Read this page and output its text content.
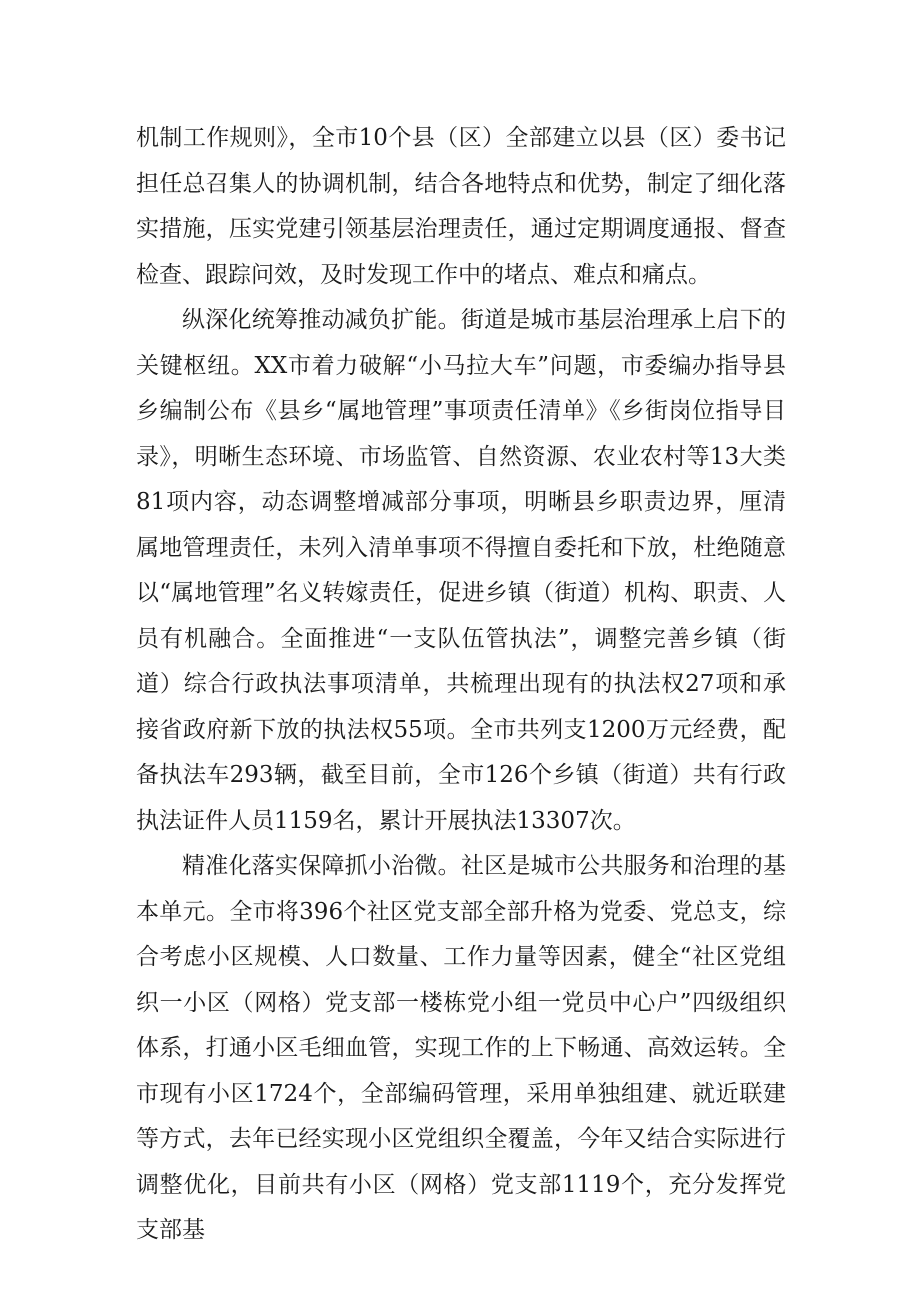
机制工作规则》，全市10个县（区）全部建立以县（区）委书记担任总召集人的协调机制，结合各地特点和优势，制定了细化落实措施，压实党建引领基层治理责任，通过定期调度通报、督查检查、跟踪问效，及时发现工作中的堵点、难点和痛点。

纵深化统筹推动减负扩能。街道是城市基层治理承上启下的关键枢纽。XX市着力破解“小马拉大车”问题，市委编办指导县乡编制公布《县乡“属地管理”事项责任清单》《乡街岗位指导目录》，明晰生态环境、市场监管、自然资源、农业农村等13大类81项内容，动态调整增减部分事项，明晰县乡职责边界，厘清属地管理责任，未列入清单事项不得擅自委托和下放，杜绝随意以“属地管理”名义转嫁责任，促进乡镇（街道）机构、职责、人员有机融合。全面推进“一支队伍管执法”，调整完善乡镇（街道）综合行政执法事项清单，共梳理出现有的执法权27项和承接省政府新下放的执法权55项。全市共列支1200万元经费，配备执法车293辆，截至目前，全市126个乡镇（街道）共有行政执法证件人员1159名，累计开展执法13307次。

精准化落实保障抓小治微。社区是城市公共服务和治理的基本单元。全市将396个社区党支部全部升格为党委、党总支，综合考虑小区规模、人口数量、工作力量等因素，健全“社区党组织一小区（网格）党支部一楼栋党小组一党员中心户”四级组织体系，打通小区毛细血管，实现工作的上下畅通、高效运转。全市现有小区1724个，全部编码管理，采用单独组建、就近联建等方式，去年已经实现小区党组织全覆盖，今年又结合实际进行调整优化，目前共有小区（网格）党支部1119个，充分发挥党支部基
